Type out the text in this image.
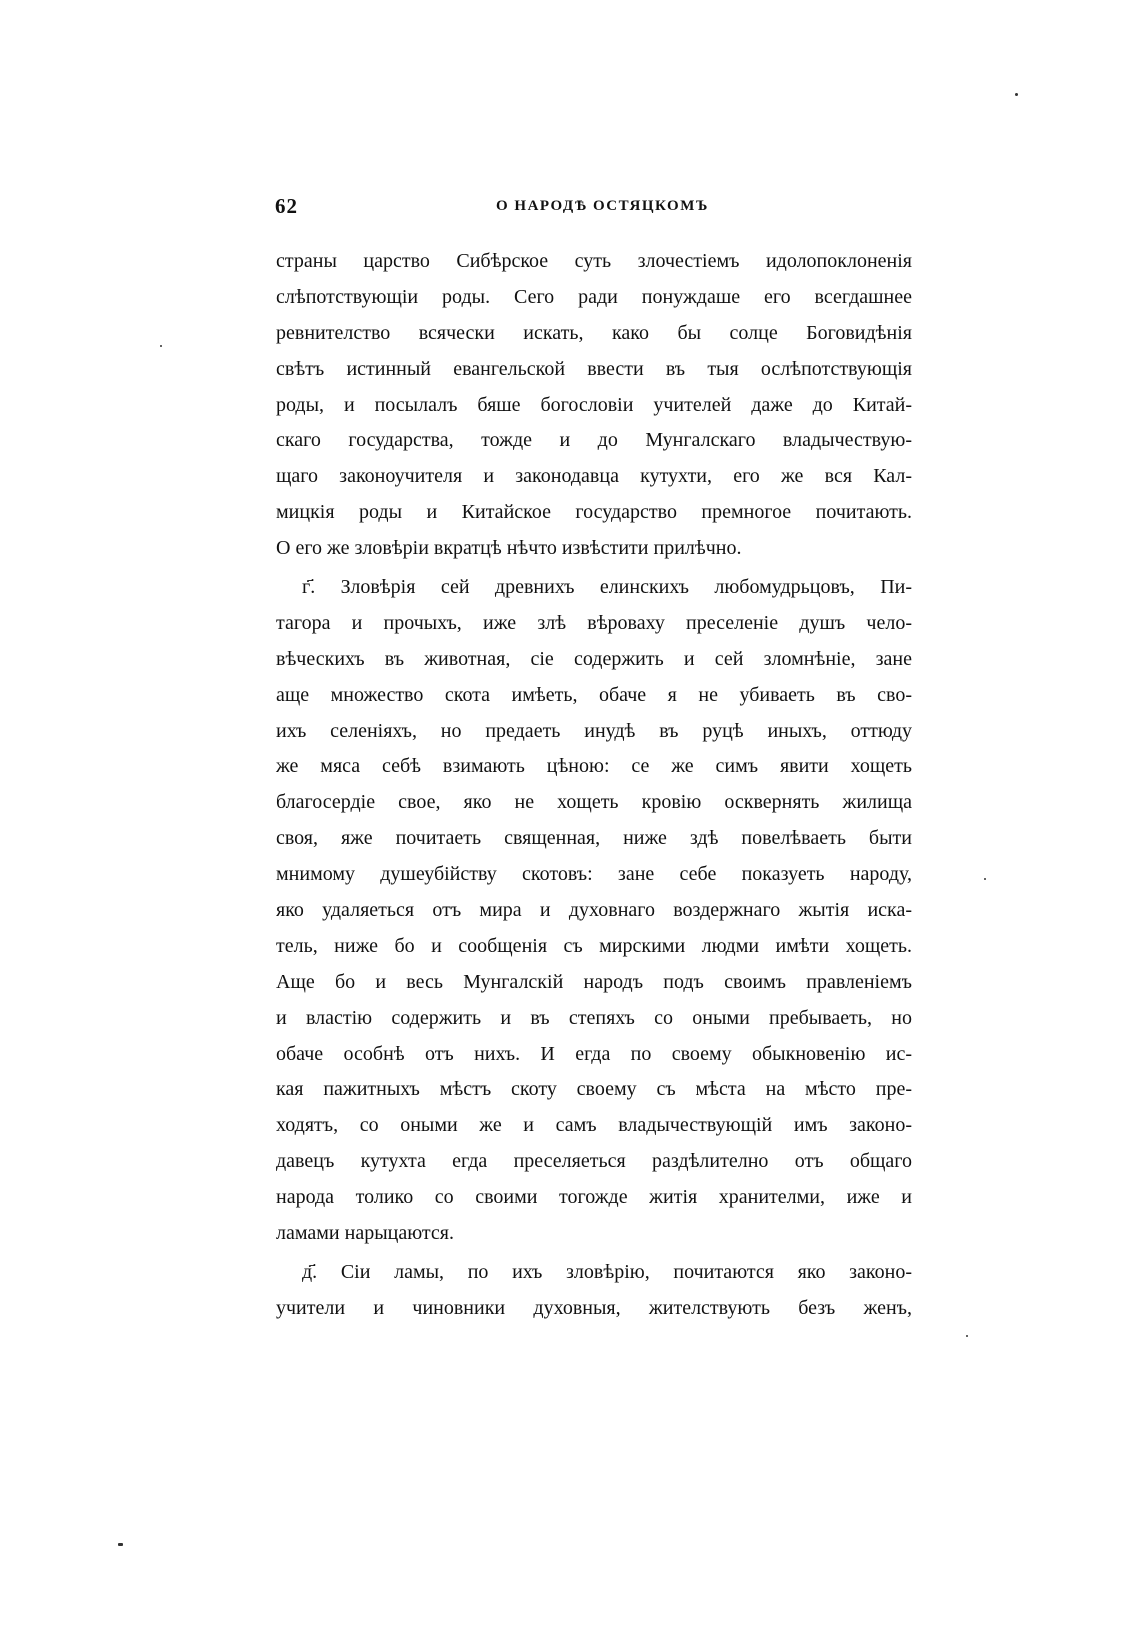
62	О НАРОДѢ ОСТЯЦКОМЪ
страны царство Сибѣрское суть злочестіемъ идолопоклоненія
слѣпотствующіи роды. Сего ради понуждаше его всегдашнее
ревнителство всячески искать, како бы солце Боговидѣнія
свѣтъ истинный евангельской ввести въ тыя ослѣпотствующія
роды, и посылалъ бяше богословіи учителей даже до Китай-
скаго государства, тожде и до Мунгалскаго владычествую-
щаго законоучителя и законодавца кутухти, его же вся Кал-
мицкія роды и Китайское государство премногое почитають.
О его же зловѣріи вкратцѣ нѣчто извѣстити прилѣчно.
г҃. Зловѣрія сей древнихъ елинскихъ любомудрьцовъ, Пи-
тагора и прочыхъ, иже злѣ вѣроваху преселеніе душъ чело-
вѣческихъ въ животная, сіе содержить и сей зломнѣніе, зане
аще множество скота имѣеть, обаче я не убиваеть въ сво-
ихъ селеніяхъ, но предаеть инудѣ въ руцѣ иныхъ, оттюду
же мяса себѣ взимають цѣною: се же симъ явити хощеть
благосердіе свое, яко не хощеть кровію осквернять жилища
своя, яже почитаеть священная, ниже здѣ повелѣваеть быти
мнимому душеубійству скотовъ: зане себе показуеть народу,
яко удаляеться отъ мира и духовнаго воздержнаго жытія иска-
тель, ниже бо и сообщенія съ мирскими людми имѣти хощеть.
Аще бо и весь Мунгалскій народъ подъ своимъ правленіемъ
и властію содержить и въ степяхъ со оными пребываеть, но
обаче особнѣ отъ нихъ. И егда по своему обыкновенію ис-
кая пажитныхъ мѣстъ скоту своему съ мѣста на мѣсто пре-
ходятъ, со оными же и самъ владычествующій имъ законо-
давецъ кутухта егда преселяеться раздѣлително отъ общаго
народа толико со своими тогожде житія хранителми, иже и
ламами нарыцаются.
д҃. Сіи ламы, по ихъ зловѣрію, почитаются яко законо-
учители и чиновники духовныя, жителствують безъ женъ,
